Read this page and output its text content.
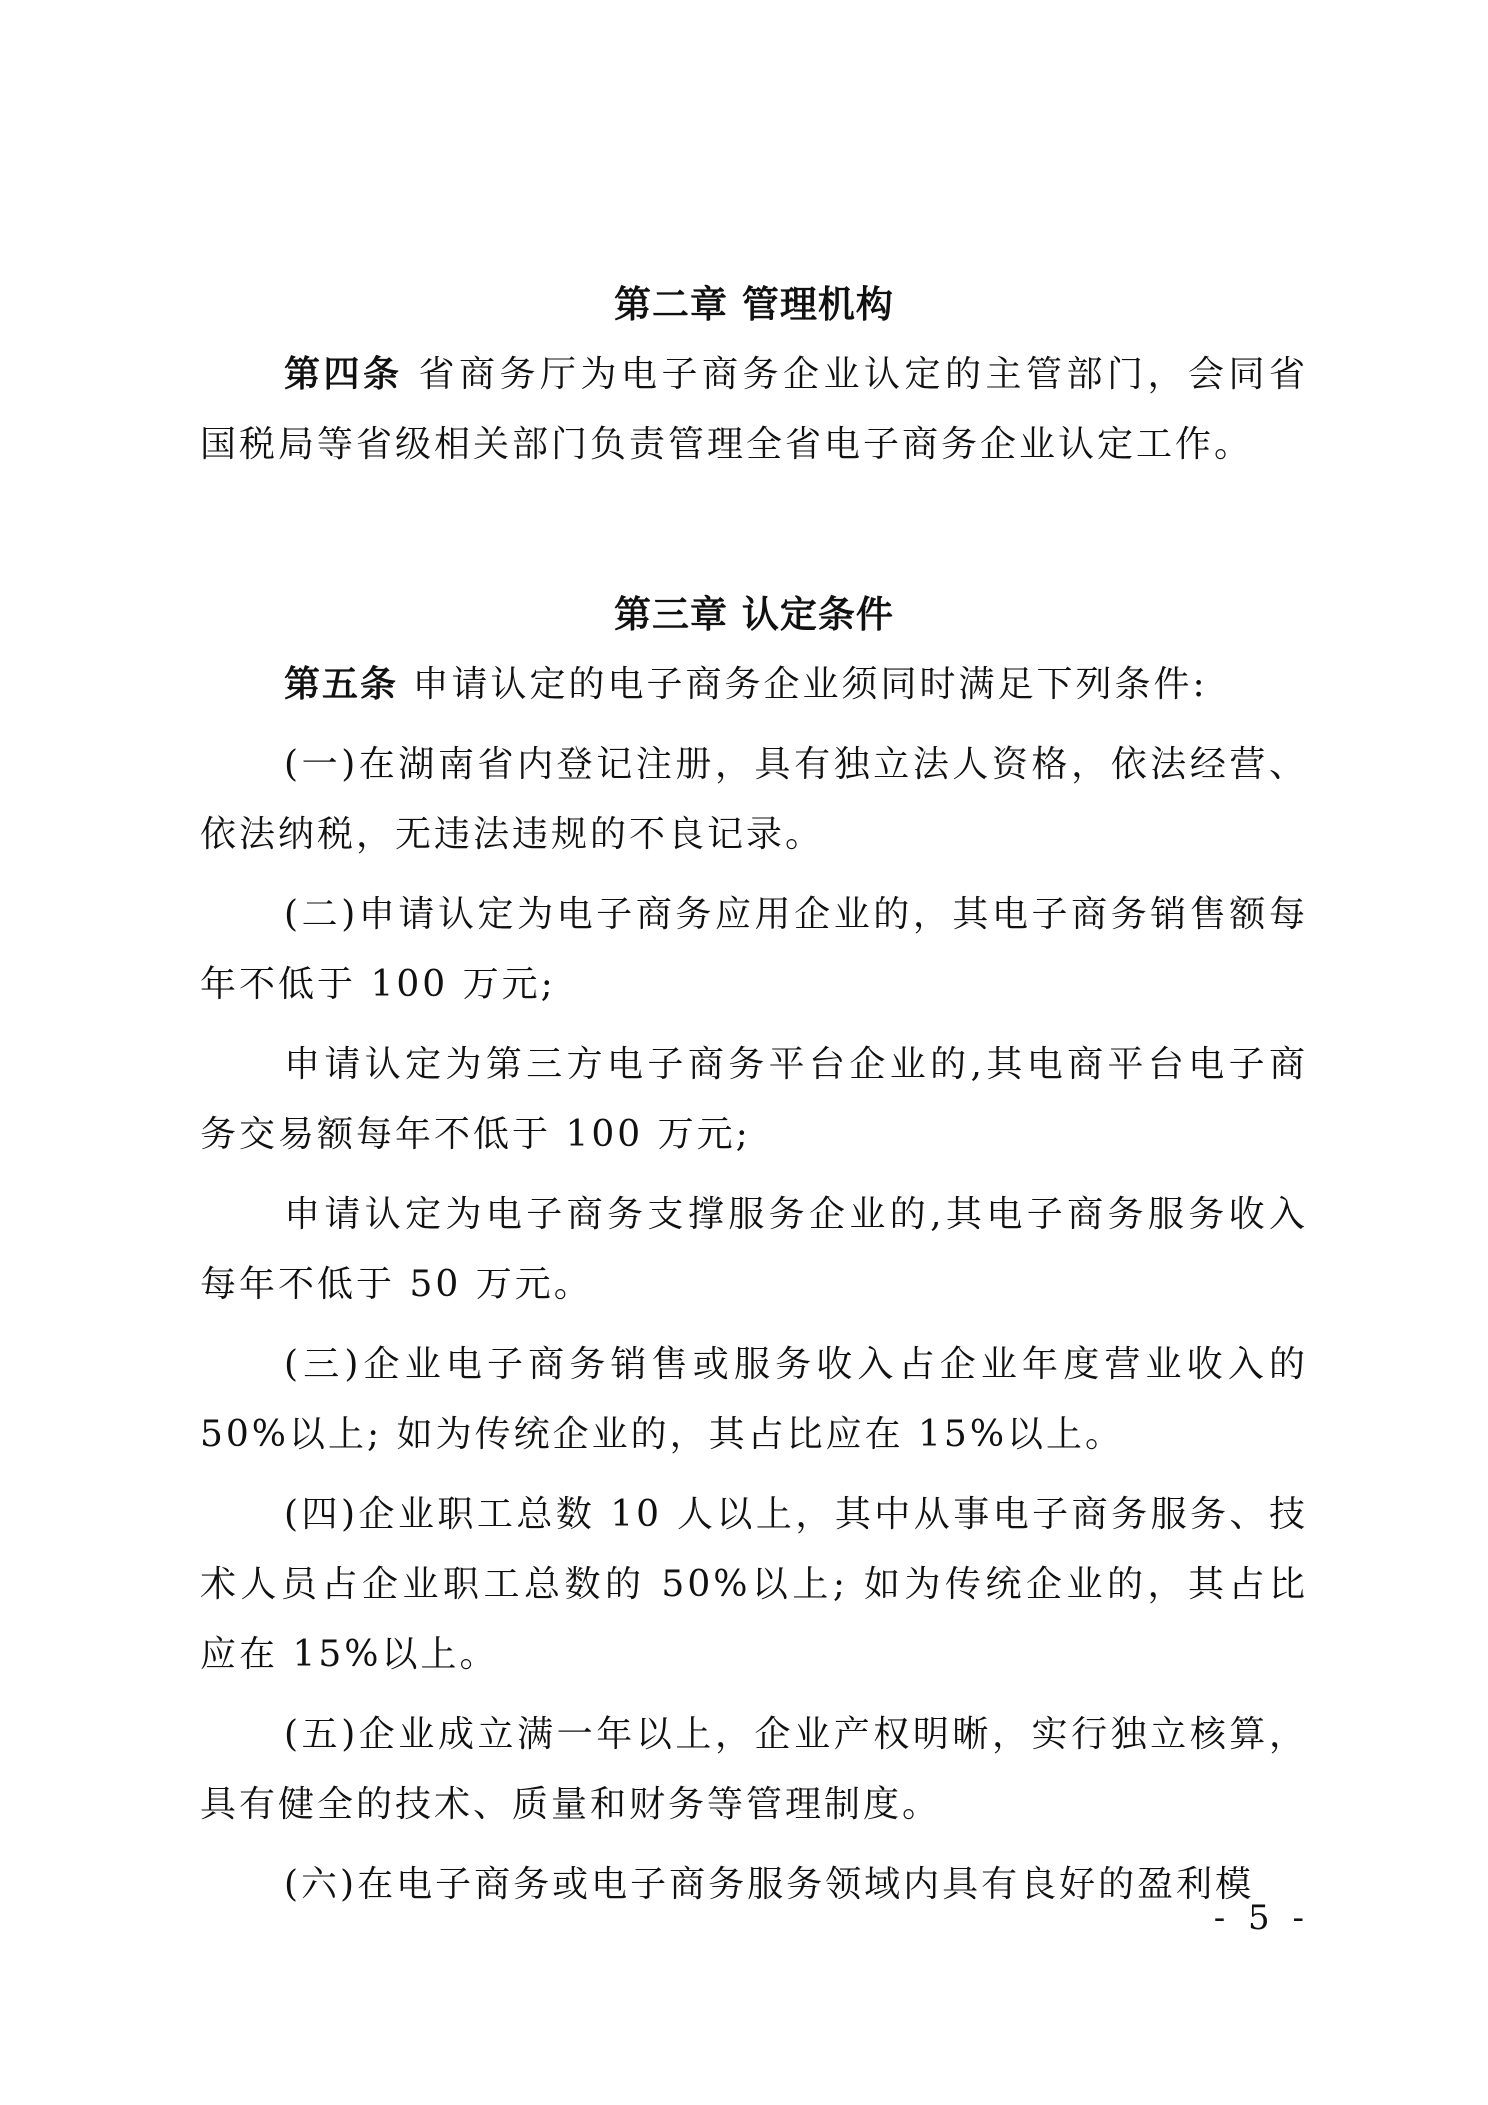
第二章 管理机构

第四条 省商务厅为电子商务企业认定的主管部门，会同省国税局等省级相关部门负责管理全省电子商务企业认定工作。

第三章 认定条件

第五条 申请认定的电子商务企业须同时满足下列条件:

(一)在湖南省内登记注册，具有独立法人资格，依法经营、依法纳税，无违法违规的不良记录。

(二)申请认定为电子商务应用企业的，其电子商务销售额每年不低于 100 万元;

申请认定为第三方电子商务平台企业的,其电商平台电子商务交易额每年不低于 100 万元;

申请认定为电子商务支撑服务企业的,其电子商务服务收入每年不低于 50 万元。

(三)企业电子商务销售或服务收入占企业年度营业收入的50%以上; 如为传统企业的，其占比应在 15%以上。

(四)企业职工总数 10 人以上，其中从事电子商务服务、技术人员占企业职工总数的 50%以上; 如为传统企业的，其占比应在 15%以上。

(五)企业成立满一年以上，企业产权明晰，实行独立核算，具有健全的技术、质量和财务等管理制度。

(六)在电子商务或电子商务服务领域内具有良好的盈利模

- 5 -
